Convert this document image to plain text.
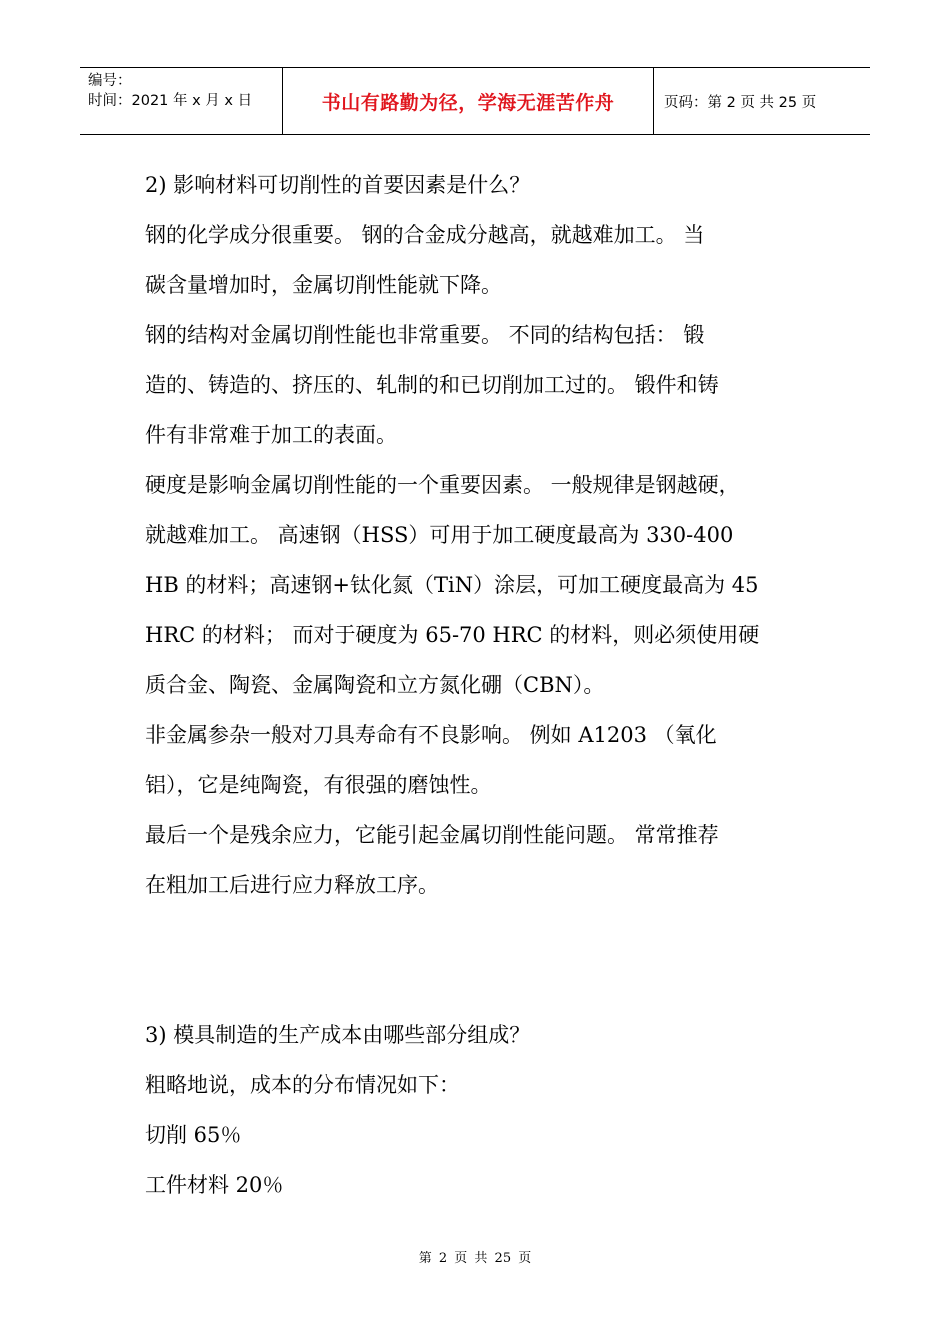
编号：
时间：2021 年 x 月 x 日	书山有路勤为径，学海无涯苦作舟	页码：第 2 页 共 25 页

2) 影响材料可切削性的首要因素是什么？

钢的化学成分很重要。 钢的合金成分越高，就越难加工。 当

碳含量增加时，金属切削性能就下降。

钢的结构对金属切削性能也非常重要。 不同的结构包括： 锻

造的、铸造的、挤压的、轧制的和已切削加工过的。 锻件和铸

件有非常难于加工的表面。

硬度是影响金属切削性能的一个重要因素。 一般规律是钢越硬，

就越难加工。 高速钢（HSS）可用于加工硬度最高为 330-400

HB 的材料；高速钢+钛化氮（TiN）涂层，可加工硬度最高为 45

HRC 的材料； 而对于硬度为 65-70 HRC 的材料，则必须使用硬

质合金、陶瓷、金属陶瓷和立方氮化硼（CBN）。

非金属参杂一般对刀具寿命有不良影响。 例如 A1203 （氧化

铝），它是纯陶瓷，有很强的磨蚀性。

最后一个是残余应力，它能引起金属切削性能问题。 常常推荐

在粗加工后进行应力释放工序。

3) 模具制造的生产成本由哪些部分组成？

粗略地说，成本的分布情况如下：

切削 65％

工件材料 20％

第 2 页 共 25 页
